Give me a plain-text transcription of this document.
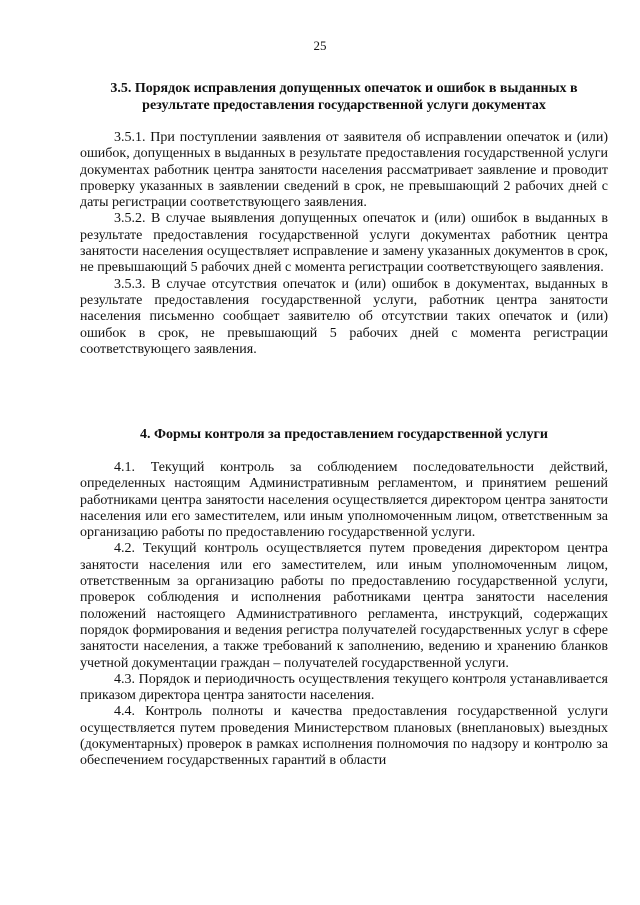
25
3.5. Порядок исправления допущенных опечаток и ошибок в выданных в результате предоставления государственной услуги документах

3.5.1. При поступлении заявления от заявителя об исправлении опечаток и (или) ошибок, допущенных в выданных в результате предоставления государственной услуги документах работник центра занятости населения рассматривает заявление и проводит проверку указанных в заявлении сведений в срок, не превышающий 2 рабочих дней с даты регистрации соответствующего заявления.

3.5.2. В случае выявления допущенных опечаток и (или) ошибок в выданных в результате предоставления государственной услуги документах работник центра занятости населения осуществляет исправление и замену указанных документов в срок, не превышающий 5 рабочих дней с момента регистрации соответствующего заявления.

3.5.3. В случае отсутствия опечаток и (или) ошибок в документах, выданных в результате предоставления государственной услуги, работник центра занятости населения письменно сообщает заявителю об отсутствии таких опечаток и (или) ошибок в срок, не превышающий 5 рабочих дней с момента регистрации соответствующего заявления.

4. Формы контроля за предоставлением государственной услуги

4.1. Текущий контроль за соблюдением последовательности действий, определенных настоящим Административным регламентом, и принятием решений работниками центра занятости населения осуществляется директором центра занятости населения или его заместителем, или иным уполномоченным лицом, ответственным за организацию работы по предоставлению государственной услуги.

4.2. Текущий контроль осуществляется путем проведения директором центра занятости населения или его заместителем, или иным уполномоченным лицом, ответственным за организацию работы по предоставлению государственной услуги, проверок соблюдения и исполнения работниками центра занятости населения положений настоящего Административного регламента, инструкций, содержащих порядок формирования и ведения регистра получателей государственных услуг в сфере занятости населения, а также требований к заполнению, ведению и хранению бланков учетной документации граждан – получателей государственной услуги.

4.3. Порядок и периодичность осуществления текущего контроля устанавливается приказом директора центра занятости населения.

4.4. Контроль полноты и качества предоставления государственной услуги осуществляется путем проведения Министерством плановых (внеплановых) выездных (документарных) проверок в рамках исполнения полномочия по надзору и контролю за обеспечением государственных гарантий в области
